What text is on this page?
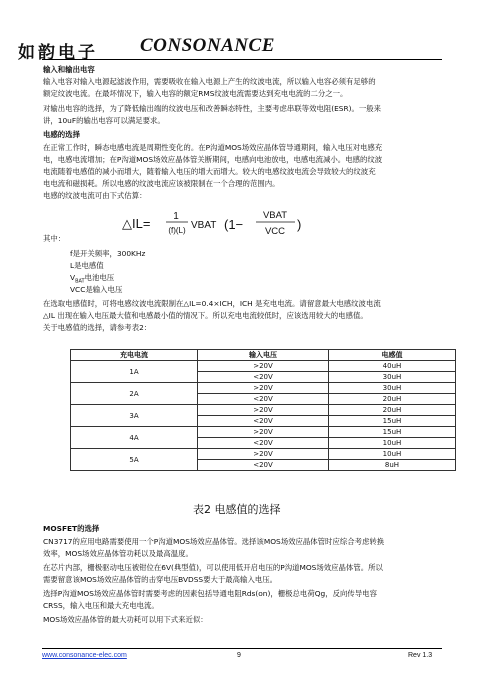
如韵电子 CONSONANCE
输入和输出电容
输入电容对输入电源起滤波作用，需要吸收在输入电源上产生的纹波电流，所以输入电容必须有足够的
额定纹波电流。在最坏情况下，输入电容的额定RMS纹波电流需要达到充电电流的二分之一。
对输出电容的选择，为了降低输出端的纹波电压和改善瞬态特性，主要考虑串联等效电阻(ESR)。一般来
讲，10uF的输出电容可以满足要求。
电感的选择
在正常工作时，瞬态电感电流是周期性变化的。在P沟道MOS场效应晶体管导通期间，输入电压对电感充
电，电感电流增加；在P沟道MOS场效应晶体管关断期间，电感向电池放电，电感电流减小。电感的纹波
电流随着电感值的减小而增大，随着输入电压的增大而增大。较大的电感纹波电流会导致较大的纹波充
电电流和磁损耗。所以电感的纹波电流应该被限制在一个合理的范围内。
电感的纹波电流可由下式估算：
△IL= 1
(f)(L) VBAT (1−
VBAT
VCC )
其中：
f是开关频率，300KHz
L是电感值
$V_{BAT}$电池电压
VCC是输入电压
在选取电感值时，可将电感纹波电流限制在△IL=0.4×ICH，ICH 是充电电流。请留意最大电感纹波电流
△IL 出现在输入电压最大值和电感最小值的情况下。所以充电电流较低时，应该选用较大的电感值。
关于电感值的选择，请参考表2：
充电电流	输入电压	电感值
1A	>20V	40uH
	<20V	30uH
2A	>20V	30uH
	<20V	20uH
3A	>20V	20uH
	<20V	15uH
4A	>20V	15uH
	<20V	10uH
5A	>20V	10uH
	<20V	8uH
表2 电感值的选择
MOSFET的选择
CN3717的应用电路需要使用一个P沟道MOS场效应晶体管。选择该MOS场效应晶体管时应综合考虑转换
效率，MOS场效应晶体管功耗以及最高温度。
在芯片内部，栅极驱动电压被钳位在6V(典型值)，可以使用低开启电压的P沟道MOS场效应晶体管。所以
需要留意该MOS场效应晶体管的击穿电压BVDSS要大于最高输入电压。
选择P沟道MOS场效应晶体管时需要考虑的因素包括导通电阻Rds(on)，栅极总电荷Qg，反向传导电容
CRSS，输入电压和最大充电电流。
MOS场效应晶体管的最大功耗可以用下式来近似：
www.consonance-elec.com	9	Rev 1.3
